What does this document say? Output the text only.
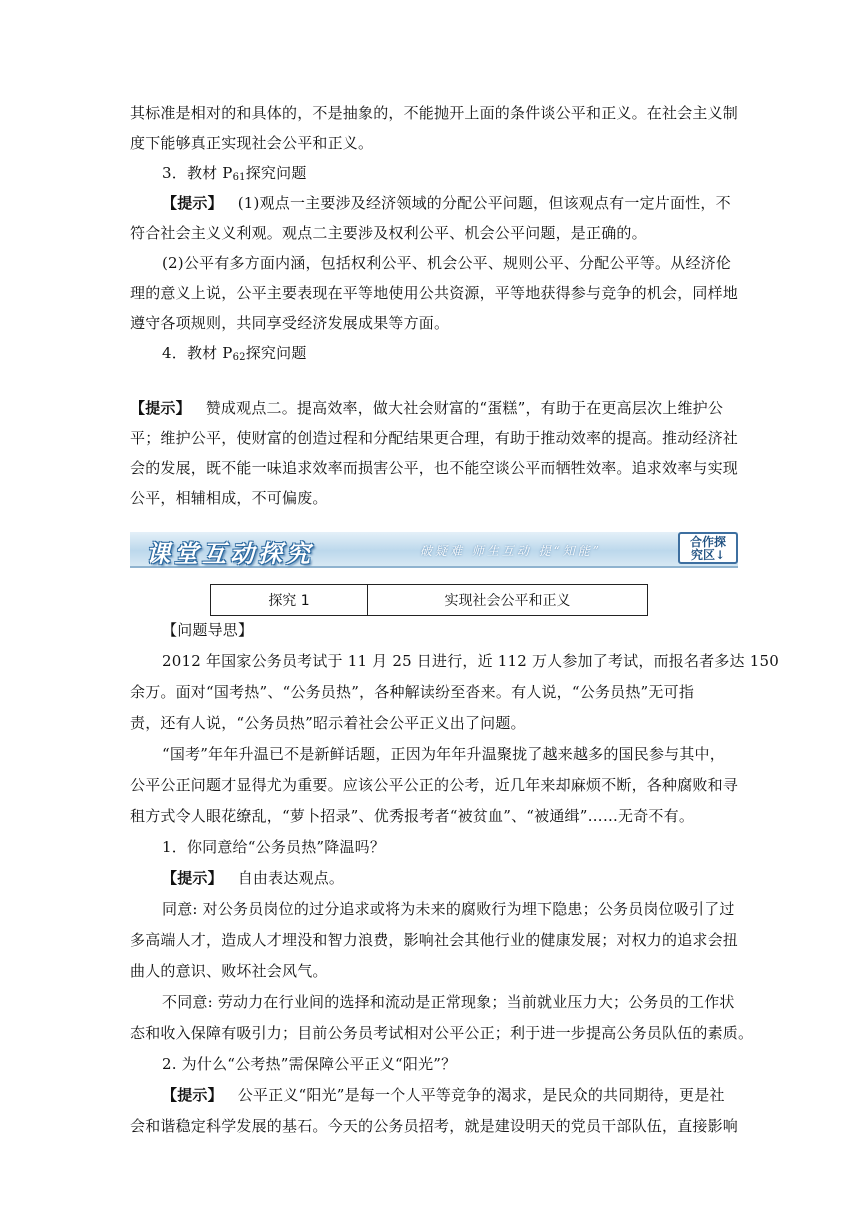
其标准是相对的和具体的，不是抽象的，不能抛开上面的条件谈公平和正义。在社会主义制
度下能够真正实现社会公平和正义。
3．教材 $P_{61}$探究问题
【提示】 (1)观点一主要涉及经济领域的分配公平问题，但该观点有一定片面性，不
符合社会主义义利观。观点二主要涉及权利公平、机会公平问题，是正确的。
(2)公平有多方面内涵，包括权利公平、机会公平、规则公平、分配公平等。从经济伦
理的意义上说，公平主要表现在平等地使用公共资源，平等地获得参与竞争的机会，同样地
遵守各项规则，共同享受经济发展成果等方面。
4．教材 $P_{62}$探究问题
【提示】 赞成观点二。提高效率，做大社会财富的“蛋糕”，有助于在更高层次上维护公
平；维护公平，使财富的创造过程和分配结果更合理，有助于推动效率的提高。推动经济社
会的发展，既不能一味追求效率而损害公平，也不能空谈公平而牺牲效率。追求效率与实现
公平，相辅相成，不可偏废。
课堂互动探究	破疑难 师生互动 提“知能”
合作探
究区↓
探究 1	实现社会公平和正义
【问题导思】
2012 年国家公务员考试于 11 月 25 日进行，近 112 万人参加了考试，而报名者多达 150
余万。面对“国考热”、“公务员热”，各种解读纷至沓来。有人说，“公务员热”无可指
责，还有人说，“公务员热”昭示着社会公平正义出了问题。
“国考”年年升温已不是新鲜话题，正因为年年升温聚拢了越来越多的国民参与其中，
公平公正问题才显得尤为重要。应该公平公正的公考，近几年来却麻烦不断，各种腐败和寻
租方式令人眼花缭乱，“萝卜招录”、优秀报考者“被贫血”、“被通缉”……无奇不有。
1．你同意给“公务员热”降温吗？
【提示】 自由表达观点。
同意: 对公务员岗位的过分追求或将为未来的腐败行为埋下隐患；公务员岗位吸引了过
多高端人才，造成人才埋没和智力浪费，影响社会其他行业的健康发展；对权力的追求会扭
曲人的意识、败坏社会风气。
不同意: 劳动力在行业间的选择和流动是正常现象；当前就业压力大；公务员的工作状
态和收入保障有吸引力；目前公务员考试相对公平公正；利于进一步提高公务员队伍的素质。
2. 为什么“公考热”需保障公平正义“阳光”？
【提示】 公平正义“阳光”是每一个人平等竞争的渴求，是民众的共同期待，更是社
会和谐稳定科学发展的基石。今天的公务员招考，就是建设明天的党员干部队伍，直接影响
